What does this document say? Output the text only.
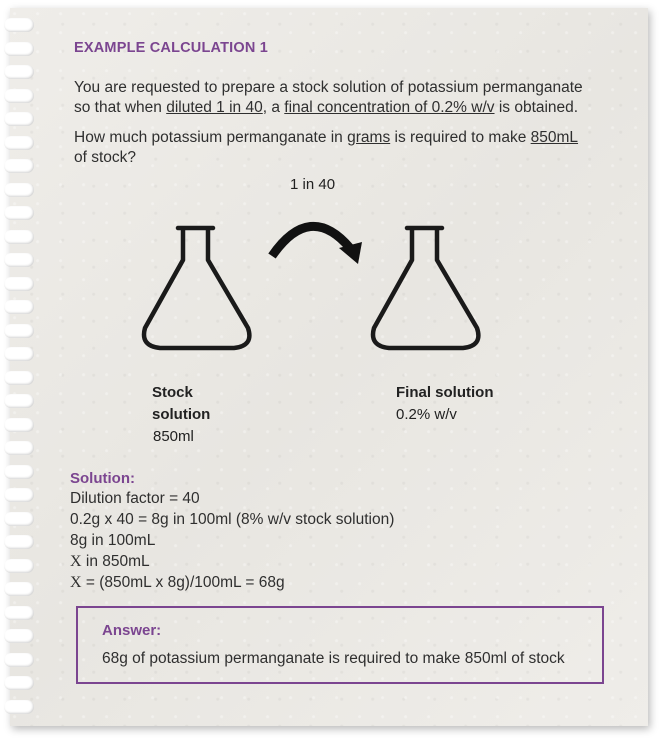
EXAMPLE CALCULATION 1
You are requested to prepare a stock solution of potassium permanganate
so that when diluted 1 in 40, a final concentration of 0.2% w/v is obtained.
How much potassium permanganate in grams is required to make 850mL
of stock?
1 in 40
Stock
solution
850ml
Final solution
0.2% w/v
Solution:
Dilution factor = 40
0.2g x 40 = 8g in 100ml (8% w/v stock solution)
8g in 100mL
X in 850mL
X = (850mL x 8g)/100mL = 68g
Answer:
68g of potassium permanganate is required to make 850ml of stock
